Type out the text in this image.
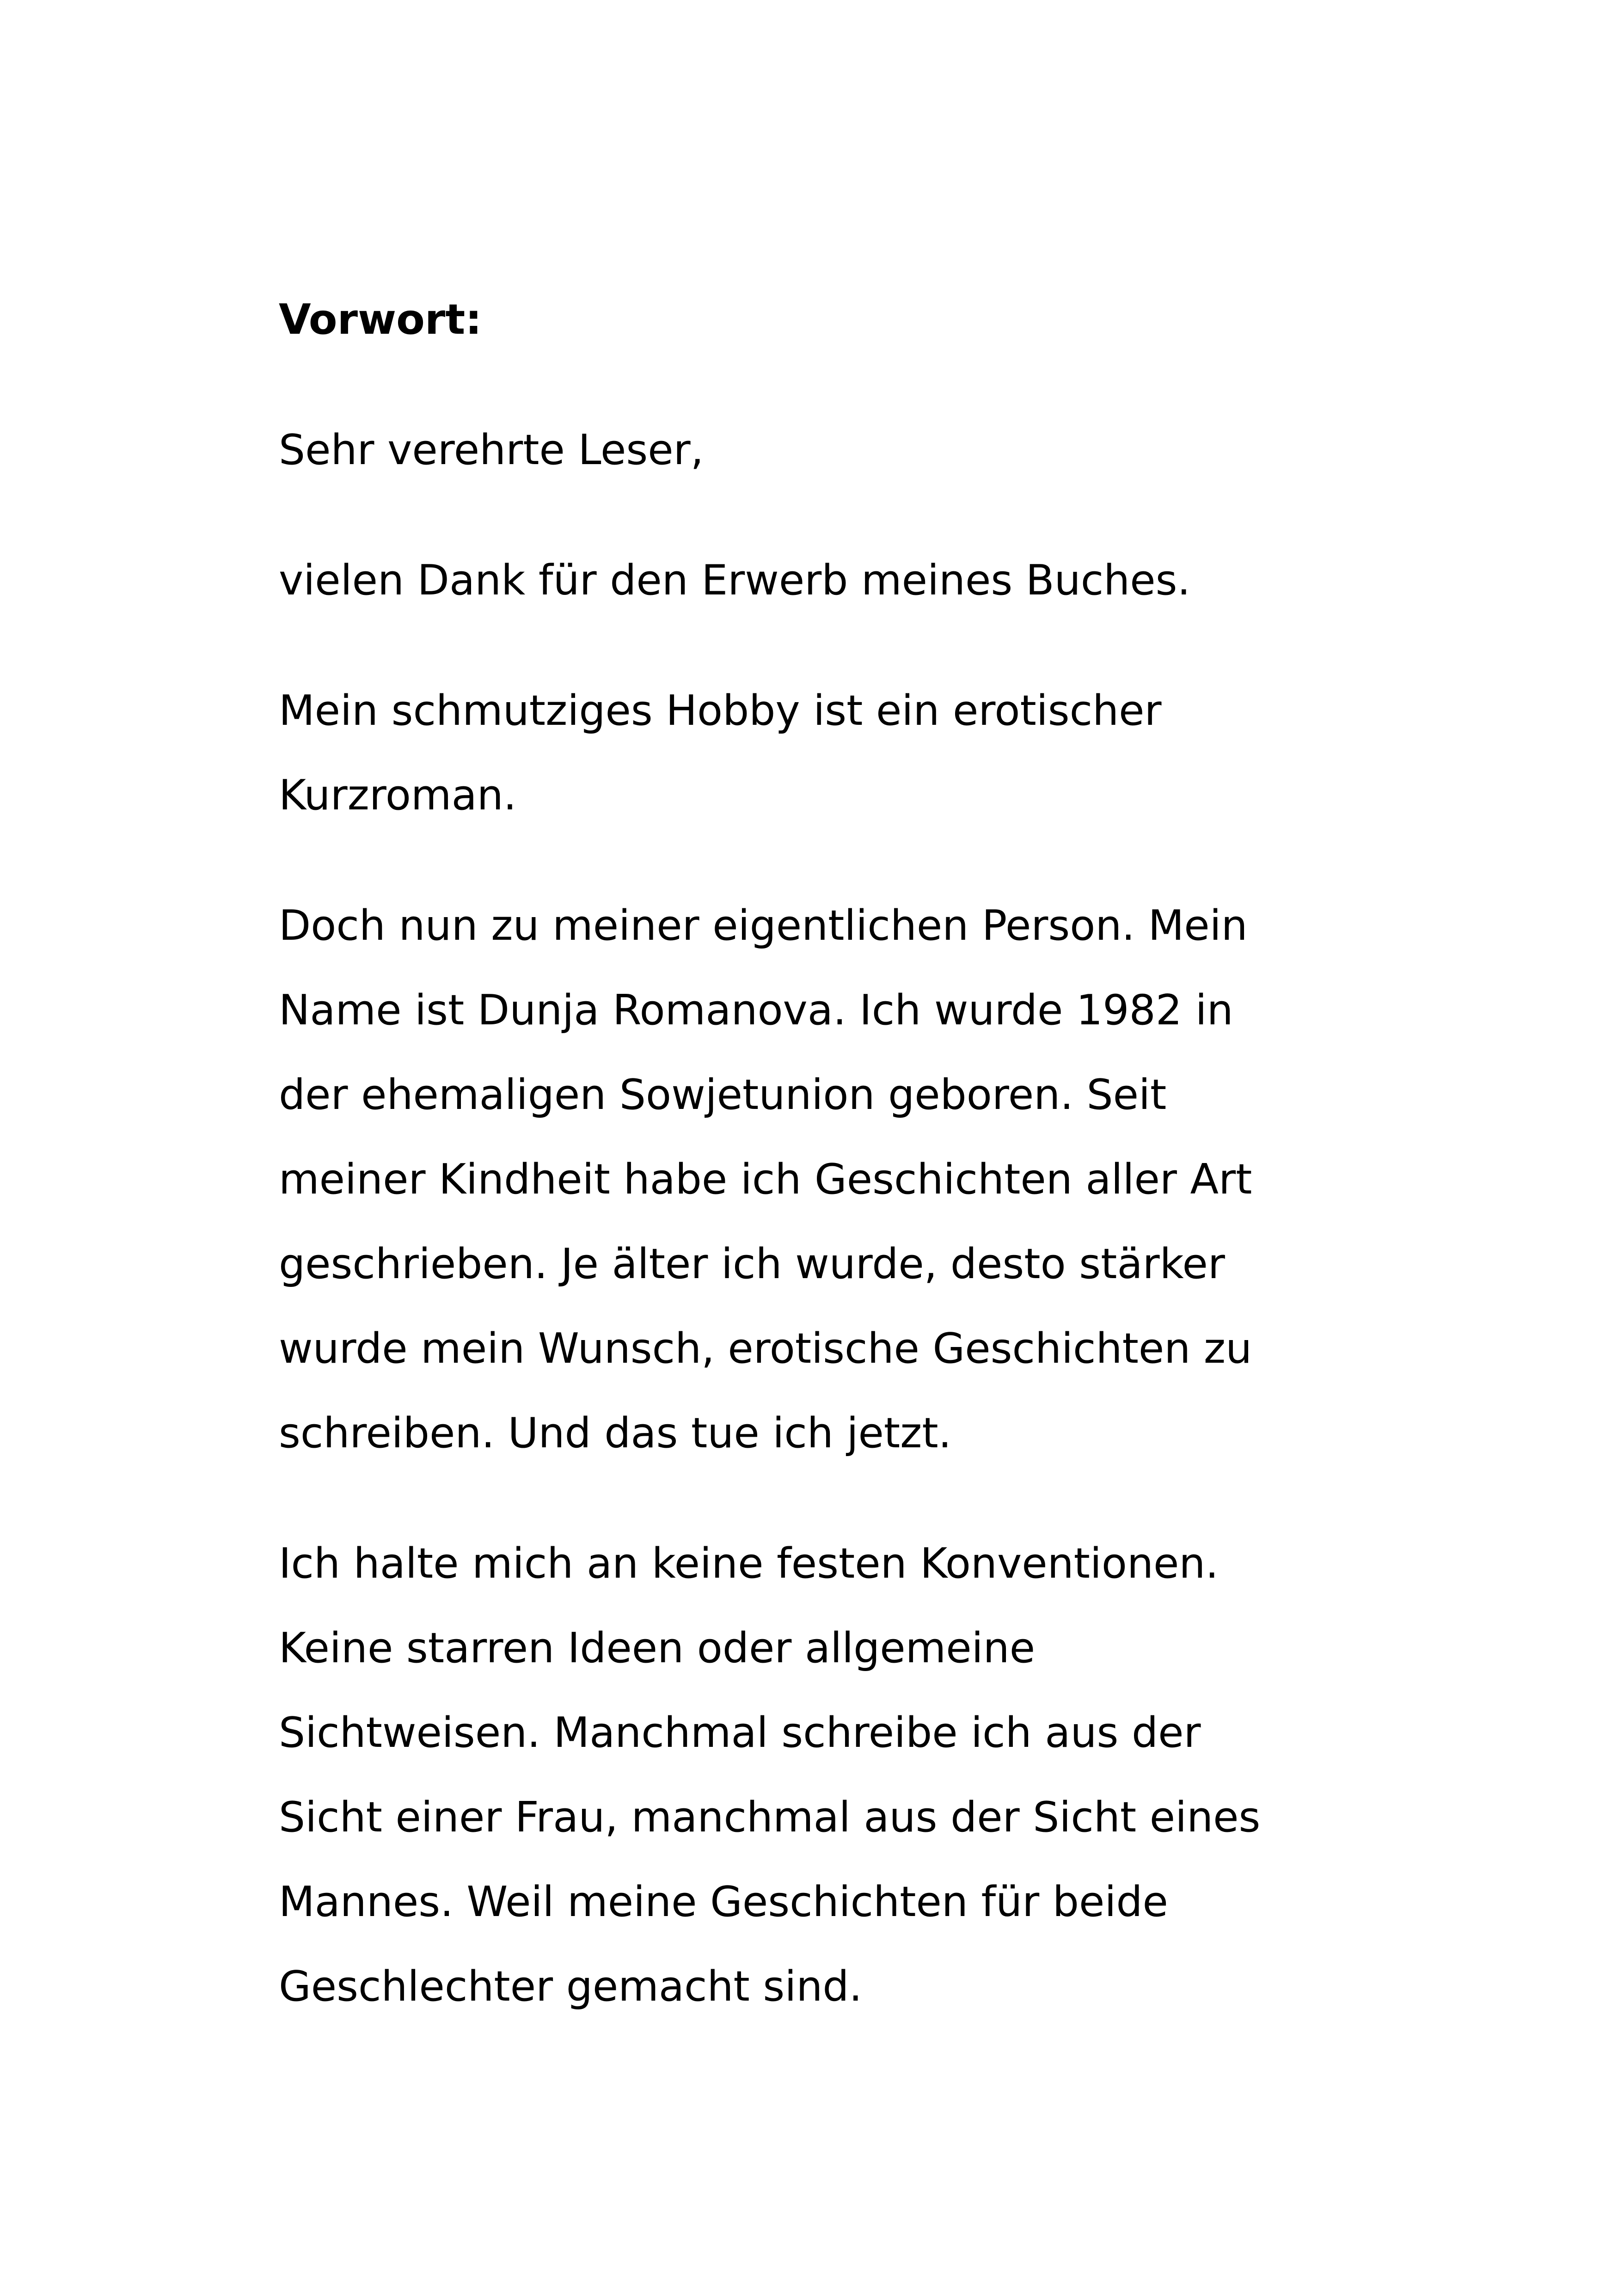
Vorwort:
Sehr verehrte Leser,
vielen Dank für den Erwerb meines Buches.
Mein schmutziges Hobby ist ein erotischer
Kurzroman.
Doch nun zu meiner eigentlichen Person. Mein
Name ist Dunja Romanova. Ich wurde 1982 in
der ehemaligen Sowjetunion geboren. Seit
meiner Kindheit habe ich Geschichten aller Art
geschrieben. Je älter ich wurde, desto stärker
wurde mein Wunsch, erotische Geschichten zu
schreiben. Und das tue ich jetzt.
Ich halte mich an keine festen Konventionen.
Keine starren Ideen oder allgemeine
Sichtweisen. Manchmal schreibe ich aus der
Sicht einer Frau, manchmal aus der Sicht eines
Mannes. Weil meine Geschichten für beide
Geschlechter gemacht sind.
